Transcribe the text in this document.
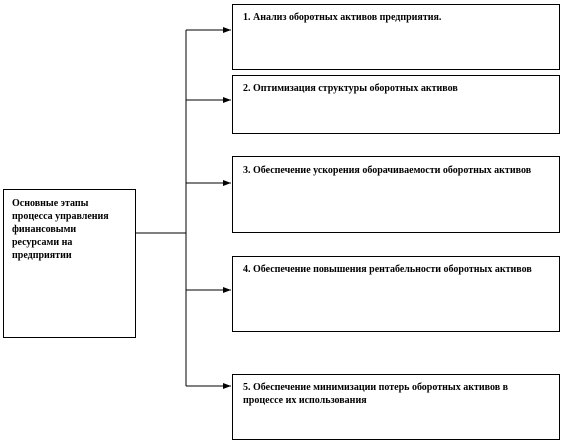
Основные этапы процесса управления финансовыми ресурсами на предприятии
1. Анализ оборотных активов предприятия.
2. Оптимизация структуры оборотных активов
3. Обеспечение ускорения оборачиваемости оборотных активов
4. Обеспечение повышения рентабельности оборотных активов
5. Обеспечение минимизации потерь оборотных активов в процессе их использования
